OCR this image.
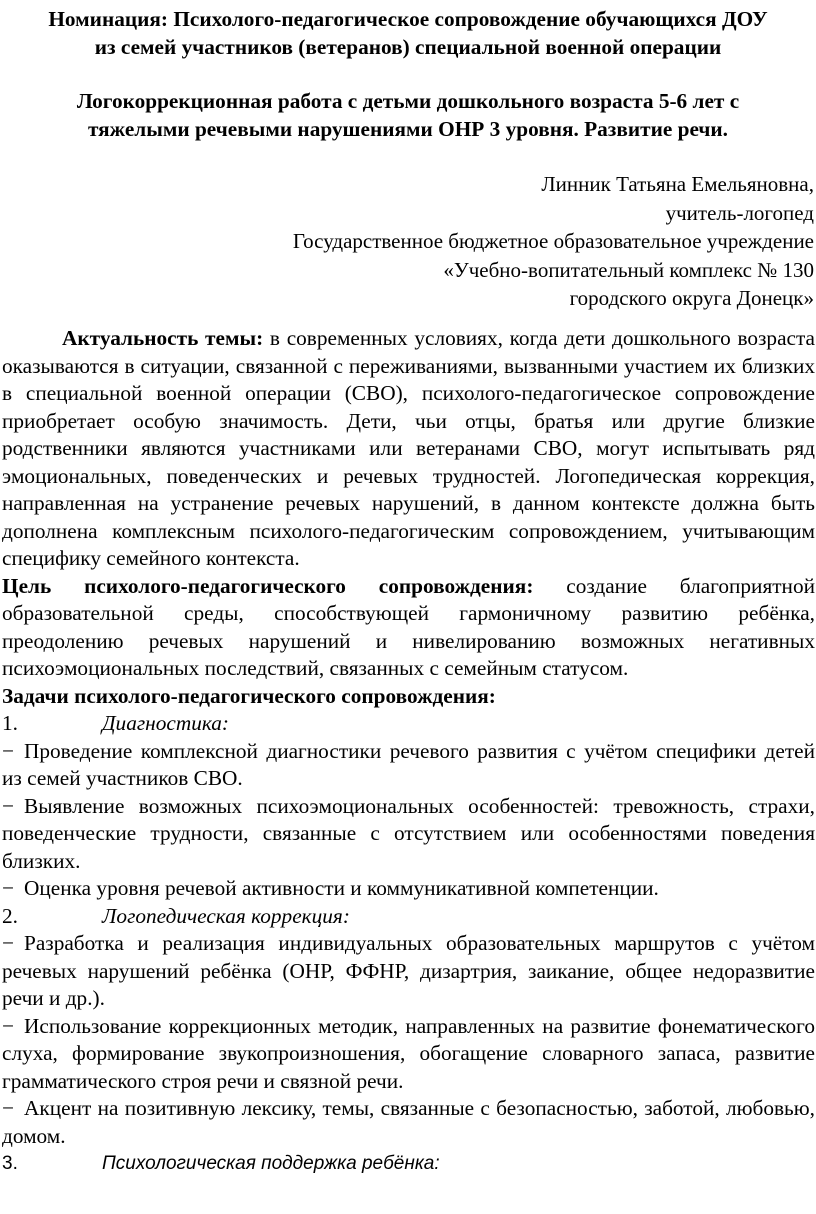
Номинация: Психолого-педагогическое сопровождение обучающихся ДОУ

из семей участников (ветеранов) специальной военной операции

Логокоррекционная работа с детьми дошкольного возраста 5-6 лет с

тяжелыми речевыми нарушениями ОНР 3 уровня. Развитие речи.

Линник Татьяна Емельяновна,

учитель-логопед

Государственное бюджетное образовательное учреждение

«Учебно-вопитательный комплекс № 130

городского округа Донецк»

Актуальность темы: в современных условиях, когда дети дошкольного возраста оказываются в ситуации, связанной с переживаниями, вызванными участием их близких в специальной военной операции (СВО), психолого-педагогическое сопровождение приобретает особую значимость. Дети, чьи отцы, братья или другие близкие родственники являются участниками или ветеранами СВО, могут испытывать ряд эмоциональных, поведенческих и речевых трудностей. Логопедическая коррекция, направленная на устранение речевых нарушений, в данном контексте должна быть дополнена комплексным психолого-педагогическим сопровождением, учитывающим специфику семейного контекста.

Цель психолого-педагогического сопровождения: создание благоприятной образовательной среды, способствующей гармоничному развитию ребёнка, преодолению речевых нарушений и нивелированию возможных негативных психоэмоциональных последствий, связанных с семейным статусом.

Задачи психолого-педагогического сопровождения:

1.	Диагностика:

− Проведение комплексной диагностики речевого развития с учётом специфики детей из семей участников СВО.

− Выявление возможных психоэмоциональных особенностей: тревожность, страхи, поведенческие трудности, связанные с отсутствием или особенностями поведения близких.

− Оценка уровня речевой активности и коммуникативной компетенции.

2.	Логопедическая коррекция:

− Разработка и реализация индивидуальных образовательных маршрутов с учётом речевых нарушений ребёнка (ОНР, ФФНР, дизартрия, заикание, общее недоразвитие речи и др.).

− Использование коррекционных методик, направленных на развитие фонематического слуха, формирование звукопроизношения, обогащение словарного запаса, развитие грамматического строя речи и связной речи.

− Акцент на позитивную лексику, темы, связанные с безопасностью, заботой, любовью, домом.

3.	Психологическая поддержка ребёнка:
